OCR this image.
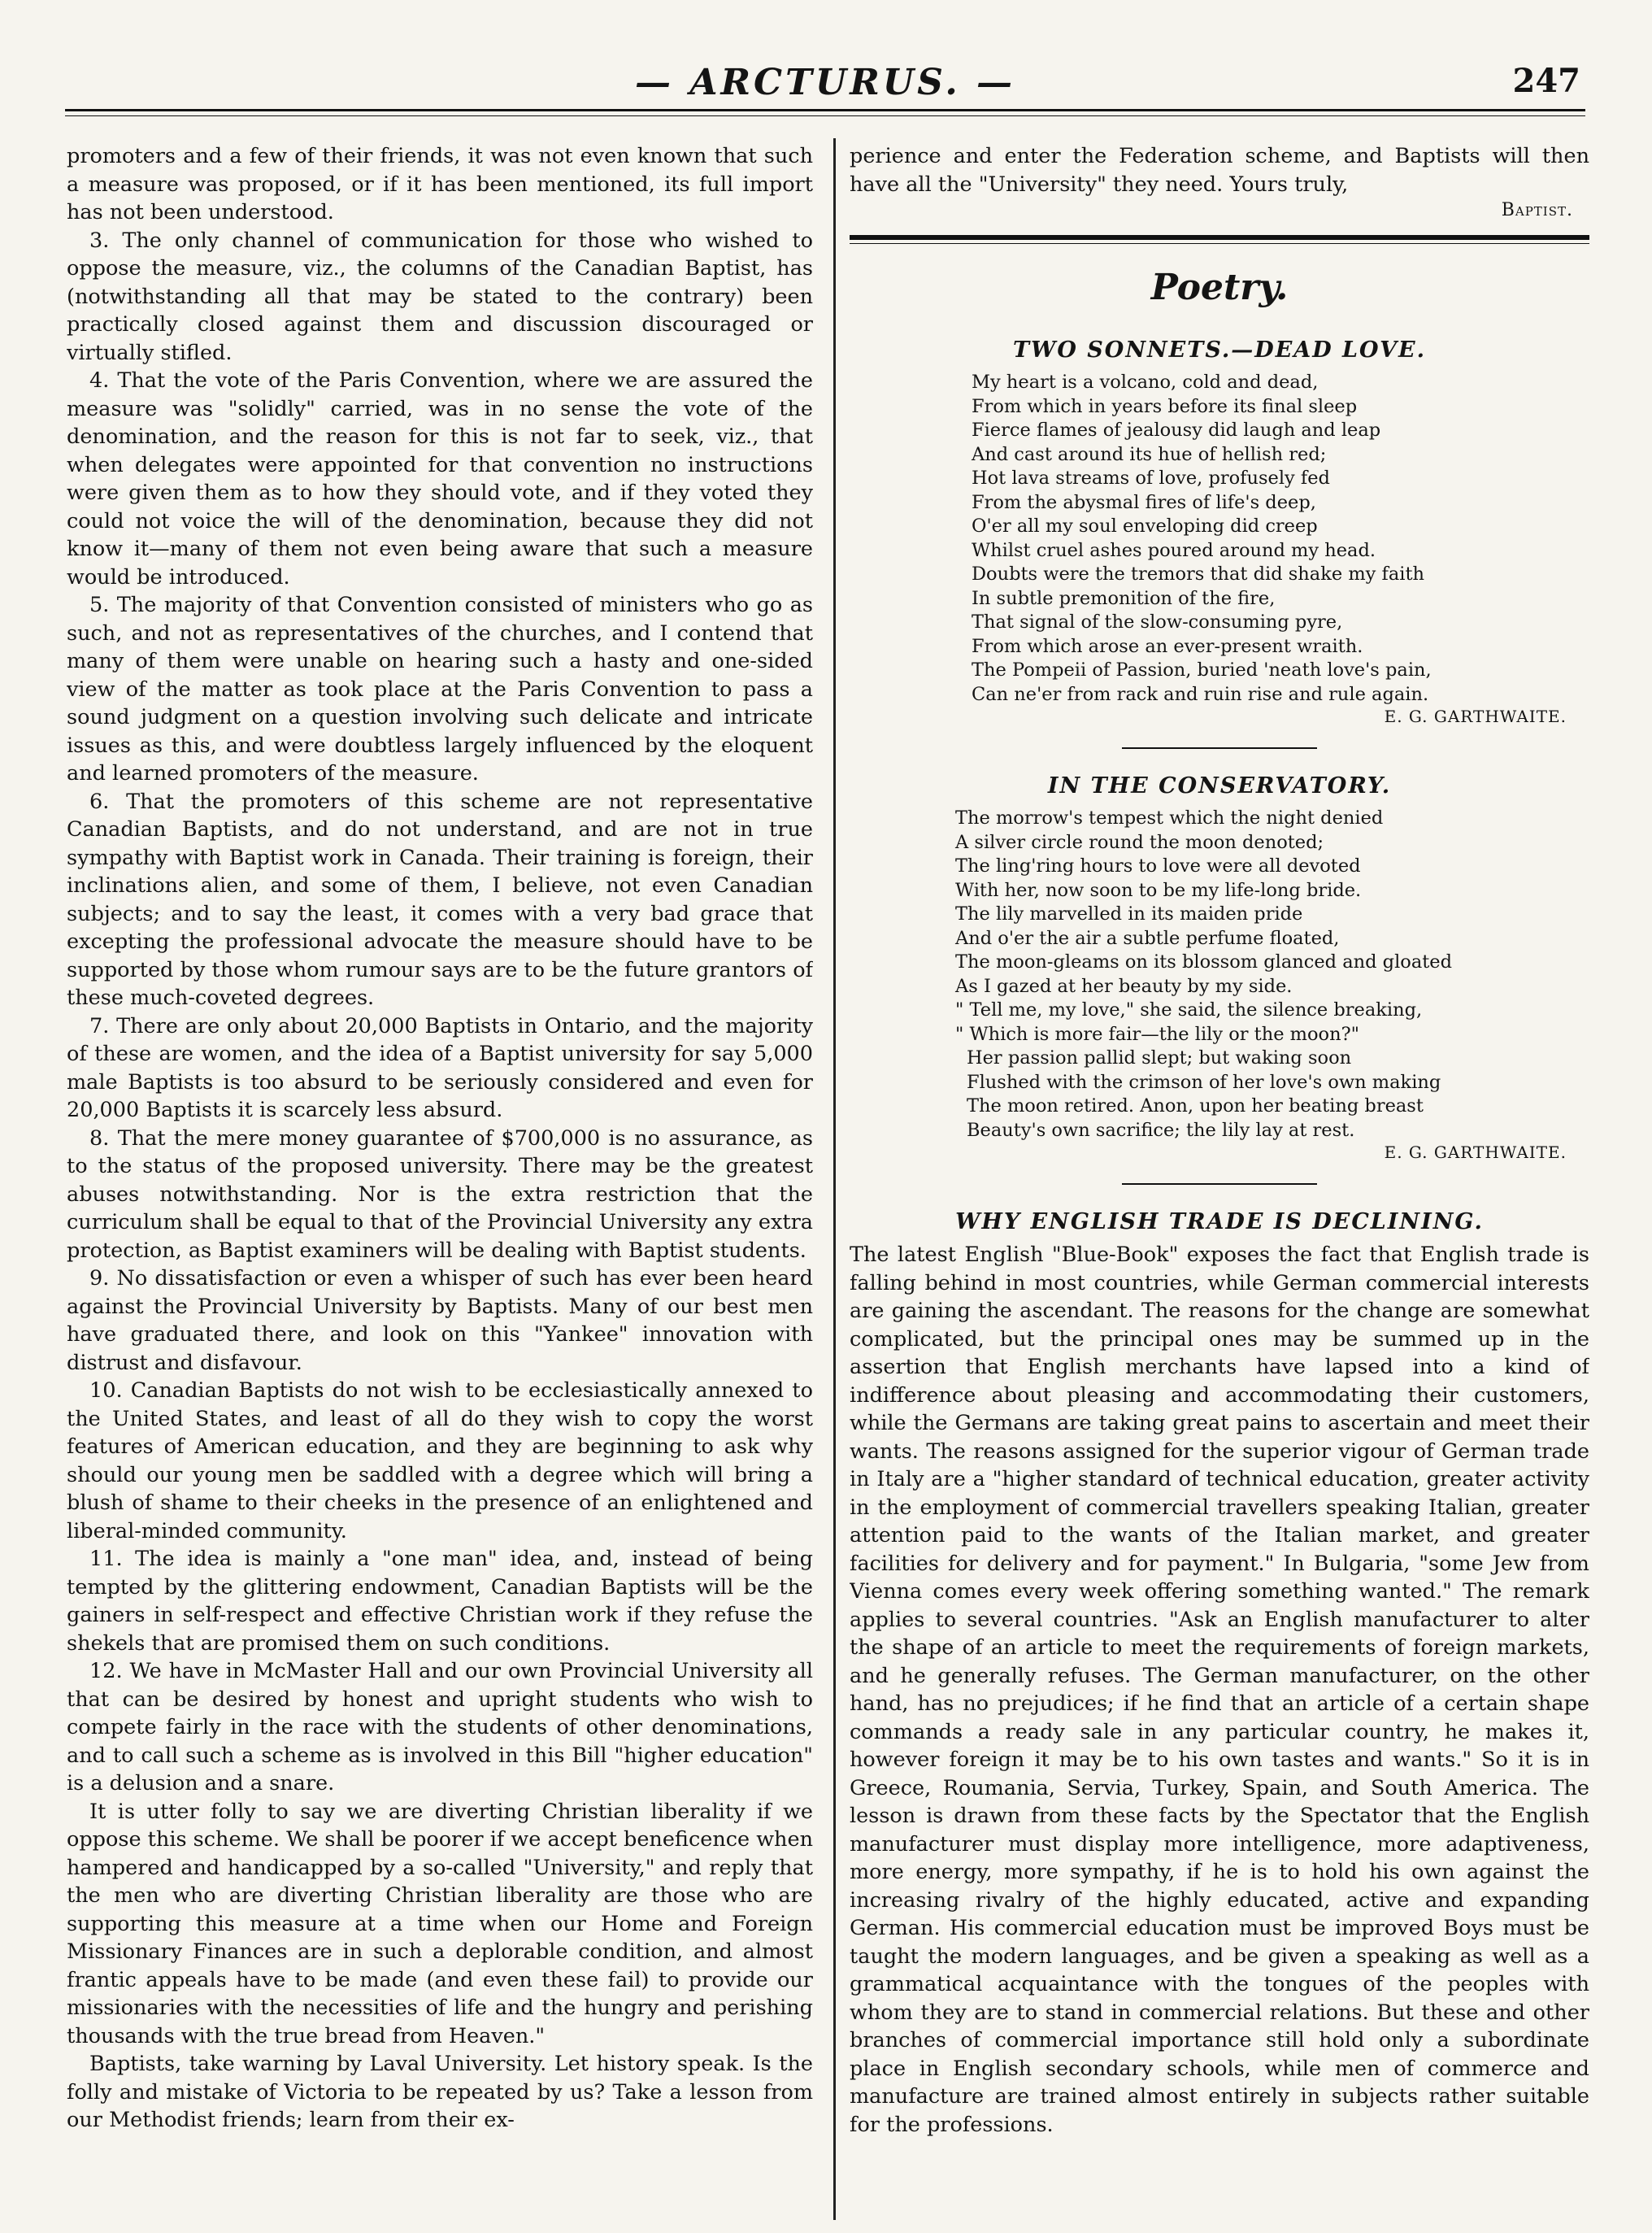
— ARCTURUS. —	247

promoters and a few of their friends, it was not even known that such a measure was proposed, or if it has been mentioned, its full import has not been understood.

3. The only channel of communication for those who wished to oppose the measure, viz., the columns of the Canadian Baptist, has (notwithstanding all that may be stated to the contrary) been practically closed against them and discussion discouraged or virtually stifled.

4. That the vote of the Paris Convention, where we are assured the measure was "solidly" carried, was in no sense the vote of the denomination, and the reason for this is not far to seek, viz., that when delegates were appointed for that convention no instructions were given them as to how they should vote, and if they voted they could not voice the will of the denomination, because they did not know it—many of them not even being aware that such a measure would be introduced.

5. The majority of that Convention consisted of ministers who go as such, and not as representatives of the churches, and I contend that many of them were unable on hearing such a hasty and one-sided view of the matter as took place at the Paris Convention to pass a sound judgment on a question involving such delicate and intricate issues as this, and were doubtless largely influenced by the eloquent and learned promoters of the measure.

6. That the promoters of this scheme are not representative Canadian Baptists, and do not understand, and are not in true sympathy with Baptist work in Canada. Their training is foreign, their inclinations alien, and some of them, I believe, not even Canadian subjects; and to say the least, it comes with a very bad grace that excepting the professional advocate the measure should have to be supported by those whom rumour says are to be the future grantors of these much-coveted degrees.

7. There are only about 20,000 Baptists in Ontario, and the majority of these are women, and the idea of a Baptist university for say 5,000 male Baptists is too absurd to be seriously considered and even for 20,000 Baptists it is scarcely less absurd.

8. That the mere money guarantee of $700,000 is no assurance, as to the status of the proposed university. There may be the greatest abuses notwithstanding. Nor is the extra restriction that the curriculum shall be equal to that of the Provincial University any extra protection, as Baptist examiners will be dealing with Baptist students.

9. No dissatisfaction or even a whisper of such has ever been heard against the Provincial University by Baptists. Many of our best men have graduated there, and look on this "Yankee" innovation with distrust and disfavour.

10. Canadian Baptists do not wish to be ecclesiastically annexed to the United States, and least of all do they wish to copy the worst features of American education, and they are beginning to ask why should our young men be saddled with a degree which will bring a blush of shame to their cheeks in the presence of an enlightened and liberal-minded community.

11. The idea is mainly a "one man" idea, and, instead of being tempted by the glittering endowment, Canadian Baptists will be the gainers in self-respect and effective Christian work if they refuse the shekels that are promised them on such conditions.

12. We have in McMaster Hall and our own Provincial University all that can be desired by honest and upright students who wish to compete fairly in the race with the students of other denominations, and to call such a scheme as is involved in this Bill "higher education" is a delusion and a snare.

It is utter folly to say we are diverting Christian liberality if we oppose this scheme. We shall be poorer if we accept beneficence when hampered and handicapped by a so-called "University," and reply that the men who are diverting Christian liberality are those who are supporting this measure at a time when our Home and Foreign Missionary Finances are in such a deplorable condition, and almost frantic appeals have to be made (and even these fail) to provide our missionaries with the necessities of life and the hungry and perishing thousands with the true bread from Heaven."

Baptists, take warning by Laval University. Let history speak. Is the folly and mistake of Victoria to be repeated by us? Take a lesson from our Methodist friends; learn from their ex-

perience and enter the Federation scheme, and Baptists will then have all the "University" they need. Yours truly,

Baptist.
Poetry.
TWO SONNETS.—DEAD LOVE.
My heart is a volcano, cold and dead,
From which in years before its final sleep
Fierce flames of jealousy did laugh and leap
And cast around its hue of hellish red;
Hot lava streams of love, profusely fed
From the abysmal fires of life's deep,
O'er all my soul enveloping did creep
Whilst cruel ashes poured around my head.
Doubts were the tremors that did shake my faith
In subtle premonition of the fire,
That signal of the slow-consuming pyre,
From which arose an ever-present wraith.
The Pompeii of Passion, buried 'neath love's pain,
Can ne'er from rack and ruin rise and rule again.
E. G. GARTHWAITE.
IN THE CONSERVATORY.
The morrow's tempest which the night denied
A silver circle round the moon denoted;
The ling'ring hours to love were all devoted
With her, now soon to be my life-long bride.
The lily marvelled in its maiden pride
And o'er the air a subtle perfume floated,
The moon-gleams on its blossom glanced and gloated
As I gazed at her beauty by my side.
" Tell me, my love," she said, the silence breaking,
" Which is more fair—the lily or the moon?"
Her passion pallid slept; but waking soon
Flushed with the crimson of her love's own making
The moon retired. Anon, upon her beating breast
Beauty's own sacrifice; the lily lay at rest.
E. G. GARTHWAITE.
WHY ENGLISH TRADE IS DECLINING.

The latest English "Blue-Book" exposes the fact that English trade is falling behind in most countries, while German commercial interests are gaining the ascendant. The reasons for the change are somewhat complicated, but the principal ones may be summed up in the assertion that English merchants have lapsed into a kind of indifference about pleasing and accommodating their customers, while the Germans are taking great pains to ascertain and meet their wants. The reasons assigned for the superior vigour of German trade in Italy are a "higher standard of technical education, greater activity in the employment of commercial travellers speaking Italian, greater attention paid to the wants of the Italian market, and greater facilities for delivery and for payment." In Bulgaria, "some Jew from Vienna comes every week offering something wanted." The remark applies to several countries. "Ask an English manufacturer to alter the shape of an article to meet the requirements of foreign markets, and he generally refuses. The German manufacturer, on the other hand, has no prejudices; if he find that an article of a certain shape commands a ready sale in any particular country, he makes it, however foreign it may be to his own tastes and wants." So it is in Greece, Roumania, Servia, Turkey, Spain, and South America. The lesson is drawn from these facts by the Spectator that the English manufacturer must display more intelligence, more adaptiveness, more energy, more sympathy, if he is to hold his own against the increasing rivalry of the highly educated, active and expanding German. His commercial education must be improved Boys must be taught the modern languages, and be given a speaking as well as a grammatical acquaintance with the tongues of the peoples with whom they are to stand in commercial relations. But these and other branches of commercial importance still hold only a subordinate place in English secondary schools, while men of commerce and manufacture are trained almost entirely in subjects rather suitable for the professions.
